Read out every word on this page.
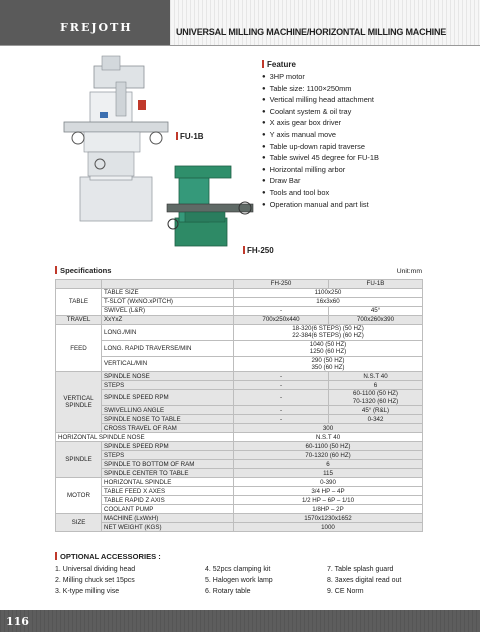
FREJOTH	UNIVERSAL MILLING MACHINE/HORIZONTAL MILLING MACHINE
FU-1B
FH-250
Feature
● 3HP motor
● Table size: 1100×250mm
● Vertical milling head attachment
● Coolant system & oil tray
● X axis gear box driver
● Y axis manual move
● Table up-down rapid traverse
● Table swivel 45 degree for FU-1B
● Horizontal milling arbor
● Draw Bar
● Tools and tool box
● Operation manual and part list
Specifications	Unit:mm
		FH-250	FU-1B
TABLE	TABLE SIZE	1100x250	
	T-SLOT (WxNO.xPITCH)	16x3x60	
	SWIVEL (L&R)	-	45°
TRAVEL	XxYxZ	700x250x440	700x260x390
FEED	LONG./MIN	18-320(6 STEPS) (50 HZ)
22-384(6 STEPS) (60 HZ)	

	LONG. RAPID TRAVERSE/MIN	1040 (50 HZ)
1250 (60 HZ)	

	VERTICAL/MIN	290 (50 HZ)
350 (60 HZ)	

VERTICAL
SPINDLE	SPINDLE NOSE	-	N.S.T 40
	STEPS	-	6
	SPINDLE SPEED RPM	-	60-1100 (50 HZ)
70-1320 (60 HZ)

	SWIVELLING ANGLE	-	45° (R&L)
	SPINDLE NOSE TO TABLE	-	0-342
	CROSS TRAVEL OF RAM	300	
HORIZONTAL SPINDLE NOSE		N.S.T 40	
SPINDLE	SPINDLE SPEED RPM	60-1100 (50 HZ)	
	STEPS	70-1320 (60 HZ)	
	SPINDLE TO BOTTOM OF RAM	6	
	SPINDLE CENTER TO TABLE	115	
MOTOR	HORIZONTAL SPINDLE	0-390	
	TABLE FEED X AXES	3/4 HP – 4P	
	TABLE RAPID Z AXIS	1/2 HP – 6P – 1/10	
	COOLANT PUMP	1/8HP – 2P	
SIZE	MACHINE (LxWxH)	1570x1230x1652	
	NET WEIGHT (KGS)	1000	
OPTIONAL ACCESSORIES :
1. Universal dividing head	4. 52pcs clamping kit	7. Table splash guard
2. Milling chuck set 15pcs	5. Halogen work lamp	8. 3axes digital read out
3. K-type milling vise	6. Rotary table	9. CE Norm
116
